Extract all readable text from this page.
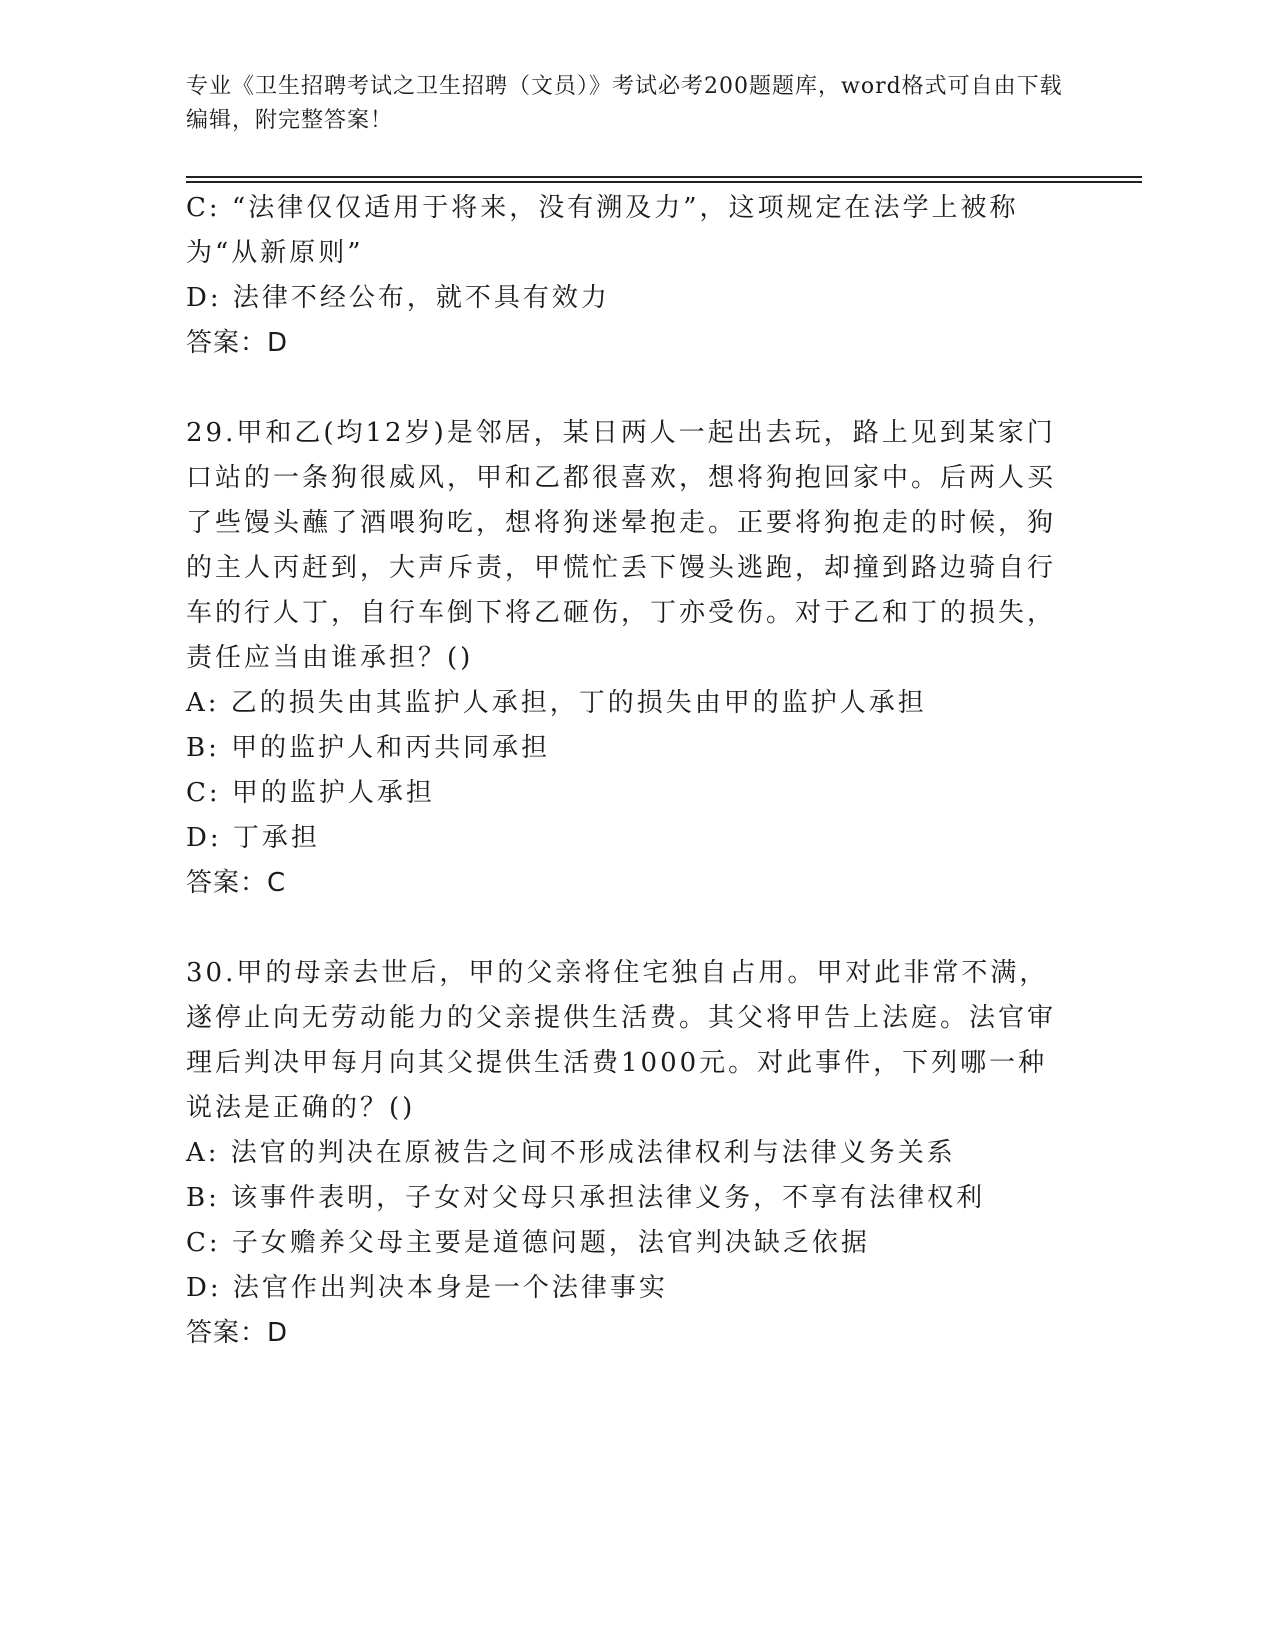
专业《卫生招聘考试之卫生招聘（文员）》考试必考200题题库，word格式可自由下载编辑，附完整答案！
C: “法律仅仅适用于将来，没有溯及力”，这项规定在法学上被称为“从新原则”
D: 法律不经公布，就不具有效力
答案：D
29.甲和乙(均12岁)是邻居，某日两人一起出去玩，路上见到某家门口站的一条狗很威风，甲和乙都很喜欢，想将狗抱回家中。后两人买了些馒头蘸了酒喂狗吃，想将狗迷晕抱走。正要将狗抱走的时候，狗的主人丙赶到，大声斥责，甲慌忙丢下馒头逃跑，却撞到路边骑自行车的行人丁，自行车倒下将乙砸伤，丁亦受伤。对于乙和丁的损失，责任应当由谁承担？()
A: 乙的损失由其监护人承担，丁的损失由甲的监护人承担
B: 甲的监护人和丙共同承担
C: 甲的监护人承担
D: 丁承担
答案：C
30.甲的母亲去世后，甲的父亲将住宅独自占用。甲对此非常不满，遂停止向无劳动能力的父亲提供生活费。其父将甲告上法庭。法官审理后判决甲每月向其父提供生活费1000元。对此事件，下列哪一种说法是正确的？()
A: 法官的判决在原被告之间不形成法律权利与法律义务关系
B: 该事件表明，子女对父母只承担法律义务，不享有法律权利
C: 子女赡养父母主要是道德问题，法官判决缺乏依据
D: 法官作出判决本身是一个法律事实
答案：D
